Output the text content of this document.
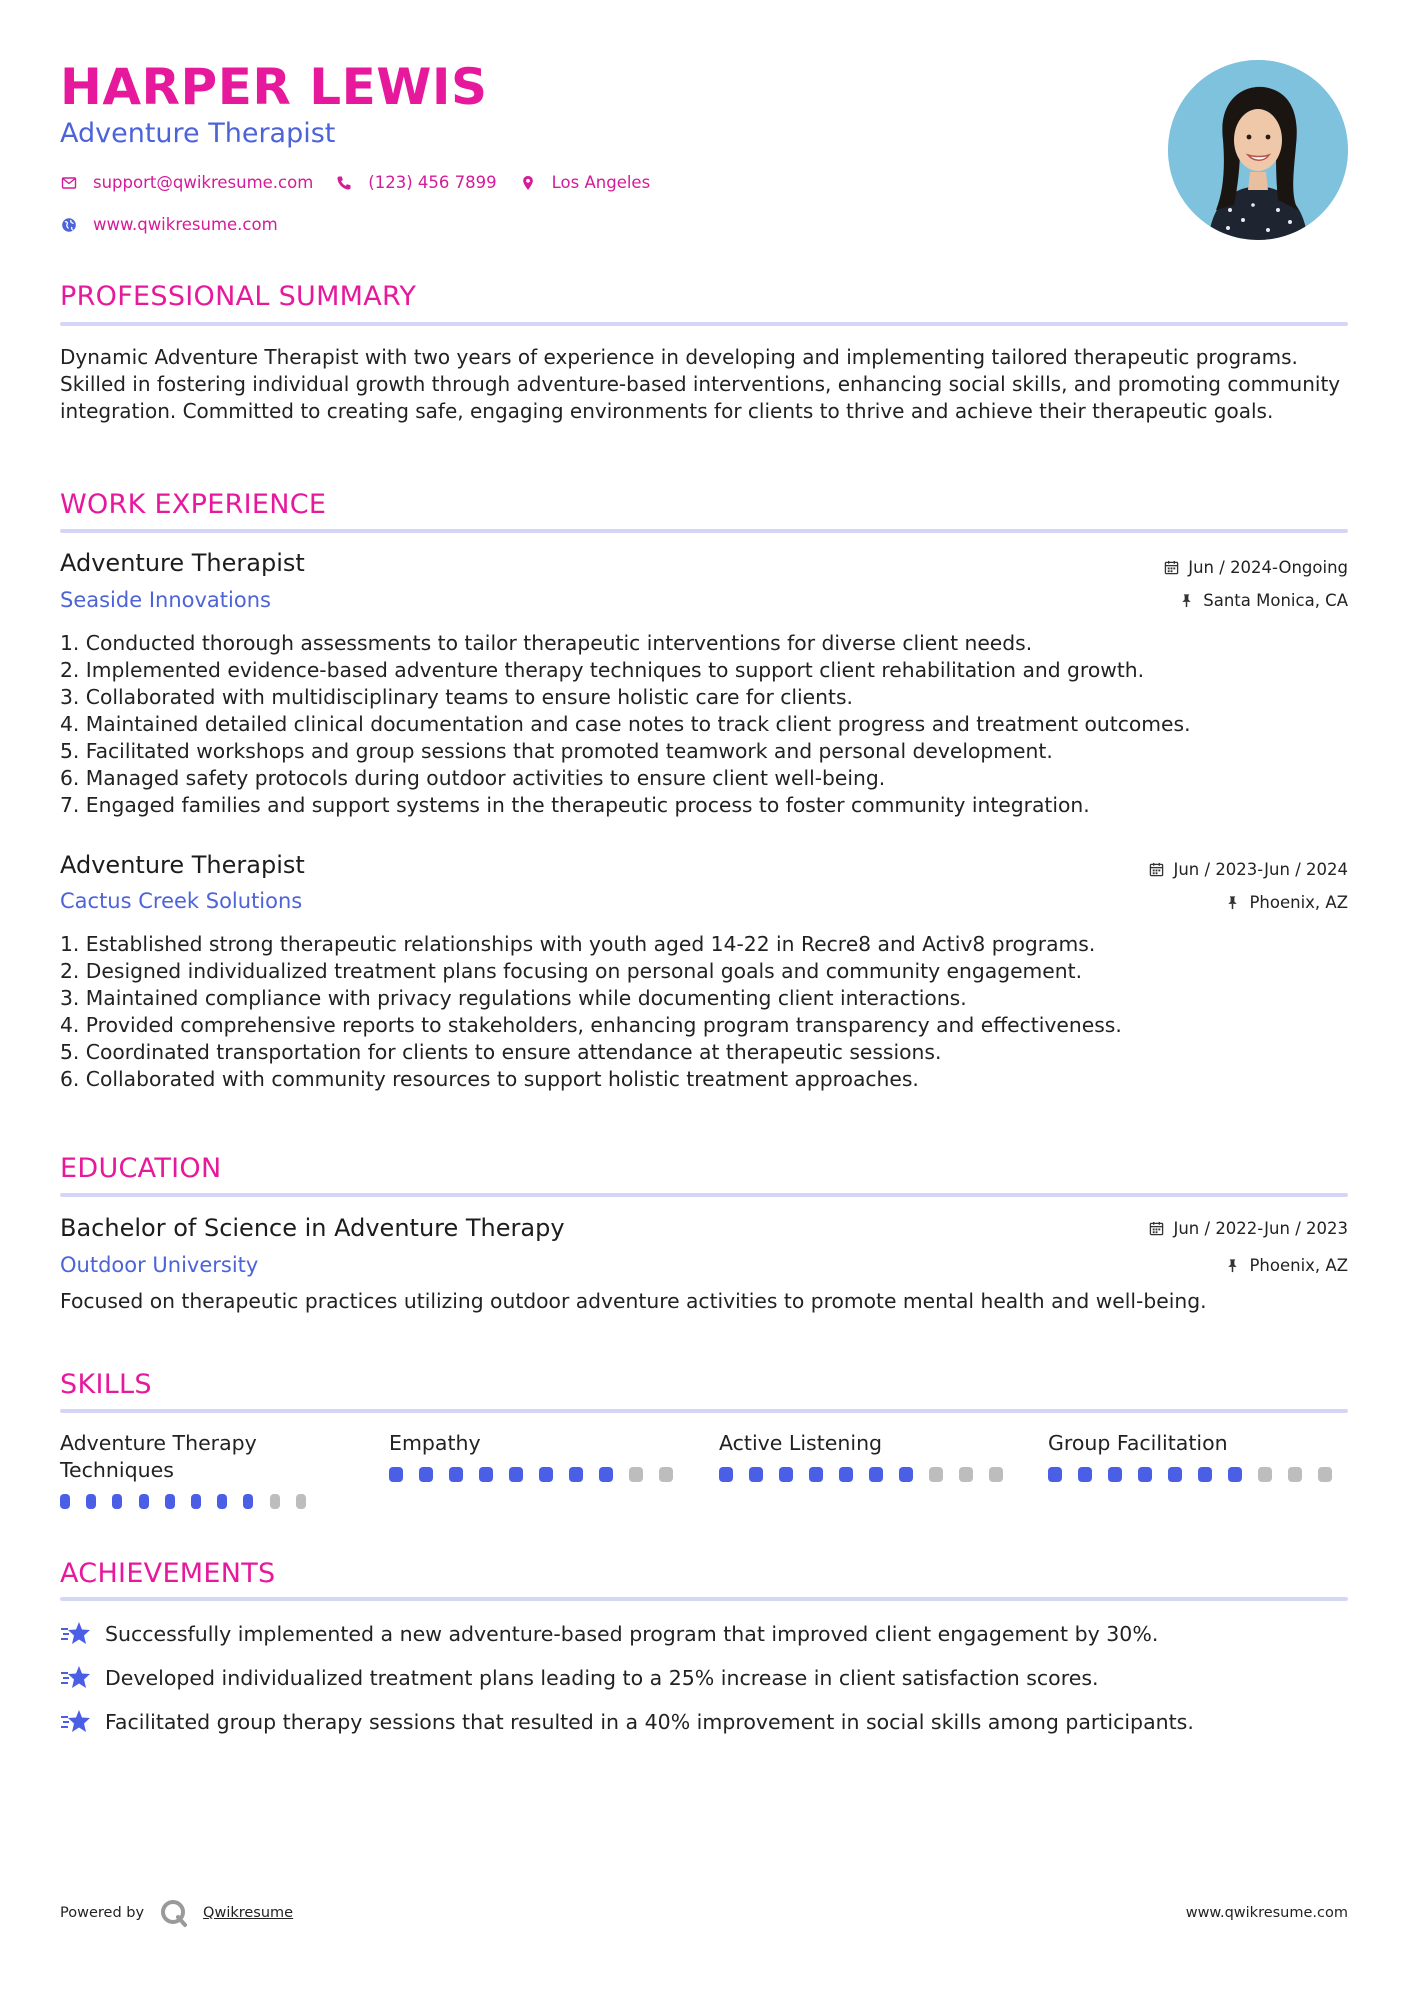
HARPER LEWIS
Adventure Therapist
support@qwikresume.com	(123) 456 7899	Los Angeles
www.qwikresume.com
PROFESSIONAL SUMMARY
Dynamic Adventure Therapist with two years of experience in developing and implementing tailored therapeutic programs. Skilled in fostering individual growth through adventure-based interventions, enhancing social skills, and promoting community integration. Committed to creating safe, engaging environments for clients to thrive and achieve their therapeutic goals.
WORK EXPERIENCE
Adventure Therapist
Seaside Innovations
Jun / 2024-Ongoing
Santa Monica, CA
1. Conducted thorough assessments to tailor therapeutic interventions for diverse client needs.
2. Implemented evidence-based adventure therapy techniques to support client rehabilitation and growth.
3. Collaborated with multidisciplinary teams to ensure holistic care for clients.
4. Maintained detailed clinical documentation and case notes to track client progress and treatment outcomes.
5. Facilitated workshops and group sessions that promoted teamwork and personal development.
6. Managed safety protocols during outdoor activities to ensure client well-being.
7. Engaged families and support systems in the therapeutic process to foster community integration.
Adventure Therapist
Cactus Creek Solutions
Jun / 2023-Jun / 2024
Phoenix, AZ
1. Established strong therapeutic relationships with youth aged 14-22 in Recre8 and Activ8 programs.
2. Designed individualized treatment plans focusing on personal goals and community engagement.
3. Maintained compliance with privacy regulations while documenting client interactions.
4. Provided comprehensive reports to stakeholders, enhancing program transparency and effectiveness.
5. Coordinated transportation for clients to ensure attendance at therapeutic sessions.
6. Collaborated with community resources to support holistic treatment approaches.
EDUCATION
Bachelor of Science in Adventure Therapy
Outdoor University
Jun / 2022-Jun / 2023
Phoenix, AZ
Focused on therapeutic practices utilizing outdoor adventure activities to promote mental health and well-being.
SKILLS
Adventure Therapy Techniques
Empathy	Active Listening	Group Facilitation
ACHIEVEMENTS
Successfully implemented a new adventure-based program that improved client engagement by 30%.
Developed individualized treatment plans leading to a 25% increase in client satisfaction scores.
Facilitated group therapy sessions that resulted in a 40% improvement in social skills among participants.
Powered by	Qwikresume	www.qwikresume.com
